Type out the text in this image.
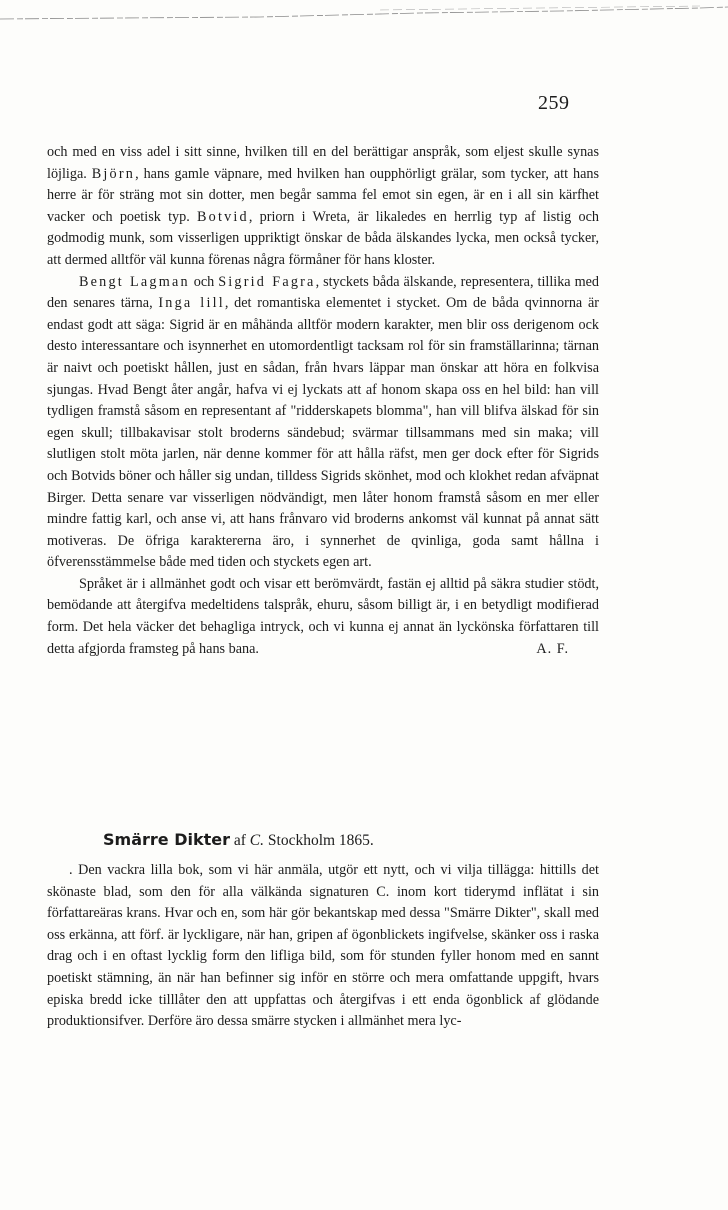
259

och med en viss adel i sitt sinne, hvilken till en del berättigar anspråk, som eljest skulle synas löjliga. Björn, hans gamle väpnare, med hvilken han oupphörligt grälar, som tycker, att hans herre är för sträng mot sin dotter, men begår samma fel emot sin egen, är en i all sin kärfhet vacker och poetisk typ. Botvid, priorn i Wreta, är likaledes en herrlig typ af listig och godmodig munk, som visserligen uppriktigt önskar de båda älskandes lycka, men också tycker, att dermed alltför väl kunna förenas några förmåner för hans kloster.

Bengt Lagman och Sigrid Fagra, styckets båda älskande, representera, tillika med den senares tärna, Inga lill, det romantiska elementet i stycket. Om de båda qvinnorna är endast godt att säga: Sigrid är en måhända alltför modern karakter, men blir oss derigenom ock desto interessantare och isynnerhet en utomordentligt tacksam rol för sin framställarinna; tärnan är naivt och poetiskt hållen, just en sådan, från hvars läppar man önskar att höra en folkvisa sjungas. Hvad Bengt åter angår, hafva vi ej lyckats att af honom skapa oss en hel bild: han vill tydligen framstå såsom en representant af "ridderskapets blomma", han vill blifva älskad för sin egen skull; tillbakavisar stolt broderns sändebud; svärmar tillsammans med sin maka; vill slutligen stolt möta jarlen, när denne kommer för att hålla räfst, men ger dock efter för Sigrids och Botvids böner och håller sig undan, tilldess Sigrids skönhet, mod och klokhet redan afväpnat Birger. Detta senare var visserligen nödvändigt, men låter honom framstå såsom en mer eller mindre fattig karl, och anse vi, att hans frånvaro vid broderns ankomst väl kunnat på annat sätt motiveras. De öfriga karaktererna äro, i synnerhet de qvinliga, goda samt hållna i öfverensstämmelse både med tiden och styckets egen art.

Språket är i allmänhet godt och visar ett berömvärdt, fastän ej alltid på säkra studier stödt, bemödande att återgifva medeltidens talspråk, ehuru, såsom billigt är, i en betydligt modifierad form. Det hela väcker det behagliga intryck, och vi kunna ej annat än lyckönska författaren till detta afgjorda framsteg på hans bana.	A. F.

Smärre Dikter af C. Stockholm 1865.

. Den vackra lilla bok, som vi här anmäla, utgör ett nytt, och vi vilja tillägga: hittills det skönaste blad, som den för alla välkända signaturen C. inom kort tiderymd inflätat i sin författareäras krans. Hvar och en, som här gör bekantskap med dessa "Smärre Dikter", skall med oss erkänna, att förf. är lyckligare, när han, gripen af ögonblickets ingifvelse, skänker oss i raska drag och i en oftast lycklig form den lifliga bild, som för stunden fyller honom med en sannt poetiskt stämning, än när han befinner sig inför en större och mera omfattande uppgift, hvars episka bredd icke tilllåter den att uppfattas och återgifvas i ett enda ögonblick af glödande produktionsifver. Derföre äro dessa smärre stycken i allmänhet mera lyc-
